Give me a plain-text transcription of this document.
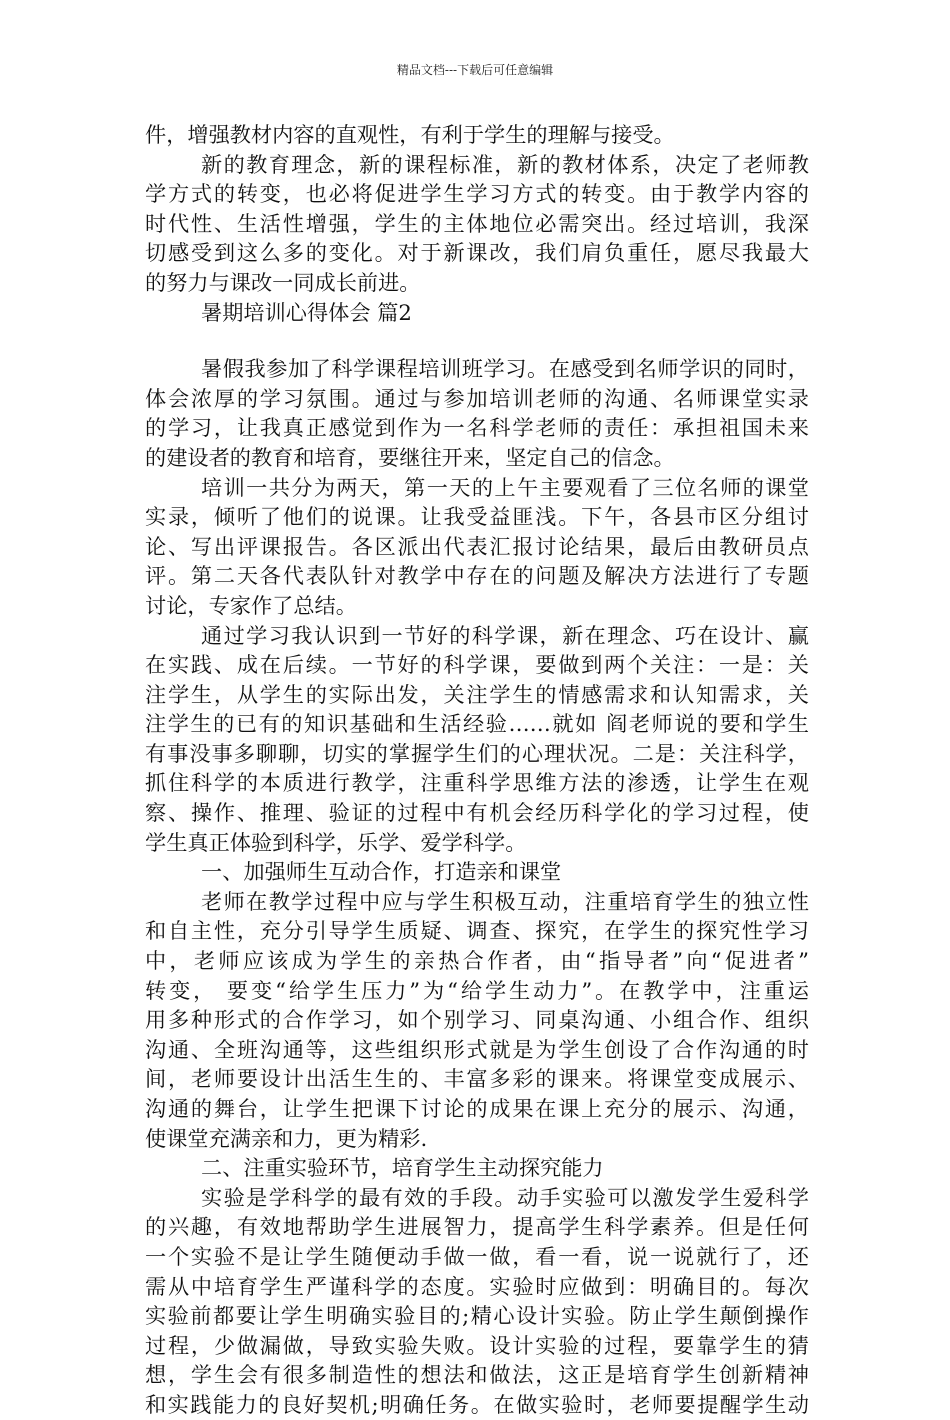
精品文档---下载后可任意编辑
件，增强教材内容的直观性，有利于学生的理解与接受。
新的教育理念，新的课程标准，新的教材体系，决定了老师教
学方式的转变，也必将促进学生学习方式的转变。由于教学内容的
时代性、生活性增强，学生的主体地位必需突出。经过培训，我深
切感受到这么多的变化。对于新课改，我们肩负重任，愿尽我最大
的努力与课改一同成长前进。
暑期培训心得体会 篇2
暑假我参加了科学课程培训班学习。在感受到名师学识的同时，
体会浓厚的学习氛围。通过与参加培训老师的沟通、名师课堂实录
的学习，让我真正感觉到作为一名科学老师的责任：承担祖国未来
的建设者的教育和培育，要继往开来，坚定自己的信念。
培训一共分为两天，第一天的上午主要观看了三位名师的课堂
实录，倾听了他们的说课。让我受益匪浅。下午，各县市区分组讨
论、写出评课报告。各区派出代表汇报讨论结果，最后由教研员点
评。第二天各代表队针对教学中存在的问题及解决方法进行了专题
讨论，专家作了总结。
通过学习我认识到一节好的科学课，新在理念、巧在设计、赢
在实践、成在后续。一节好的科学课，要做到两个关注：一是：关
注学生，从学生的实际出发，关注学生的情感需求和认知需求，关
注学生的已有的知识基础和生活经验……就如 阎老师说的要和学生
有事没事多聊聊，切实的掌握学生们的心理状况。二是：关注科学，
抓住科学的本质进行教学，注重科学思维方法的渗透，让学生在观
察、操作、推理、验证的过程中有机会经历科学化的学习过程，使
学生真正体验到科学，乐学、爱学科学。
一、加强师生互动合作，打造亲和课堂
老师在教学过程中应与学生积极互动，注重培育学生的独立性
和自主性，充分引导学生质疑、调查、探究，在学生的探究性学习
中，老师应该成为学生的亲热合作者，由“指导者”向“促进者”
转变， 要变“给学生压力”为“给学生动力”。在教学中，注重运
用多种形式的合作学习，如个别学习、同桌沟通、小组合作、组织
沟通、全班沟通等，这些组织形式就是为学生创设了合作沟通的时
间，老师要设计出活生生的、丰富多彩的课来。将课堂变成展示、
沟通的舞台，让学生把课下讨论的成果在课上充分的展示、沟通，
使课堂充满亲和力，更为精彩.
二、注重实验环节，培育学生主动探究能力
实验是学科学的最有效的手段。动手实验可以激发学生爱科学
的兴趣，有效地帮助学生进展智力，提高学生科学素养。但是任何
一个实验不是让学生随便动手做一做，看一看，说一说就行了，还
需从中培育学生严谨科学的态度。实验时应做到：明确目的。每次
实验前都要让学生明确实验目的;精心设计实验。防止学生颠倒操作
过程，少做漏做，导致实验失败。设计实验的过程，要靠学生的猜
想，学生会有很多制造性的想法和做法，这正是培育学生创新精神
和实践能力的良好契机;明确任务。在做实验时，老师要提醒学生动
